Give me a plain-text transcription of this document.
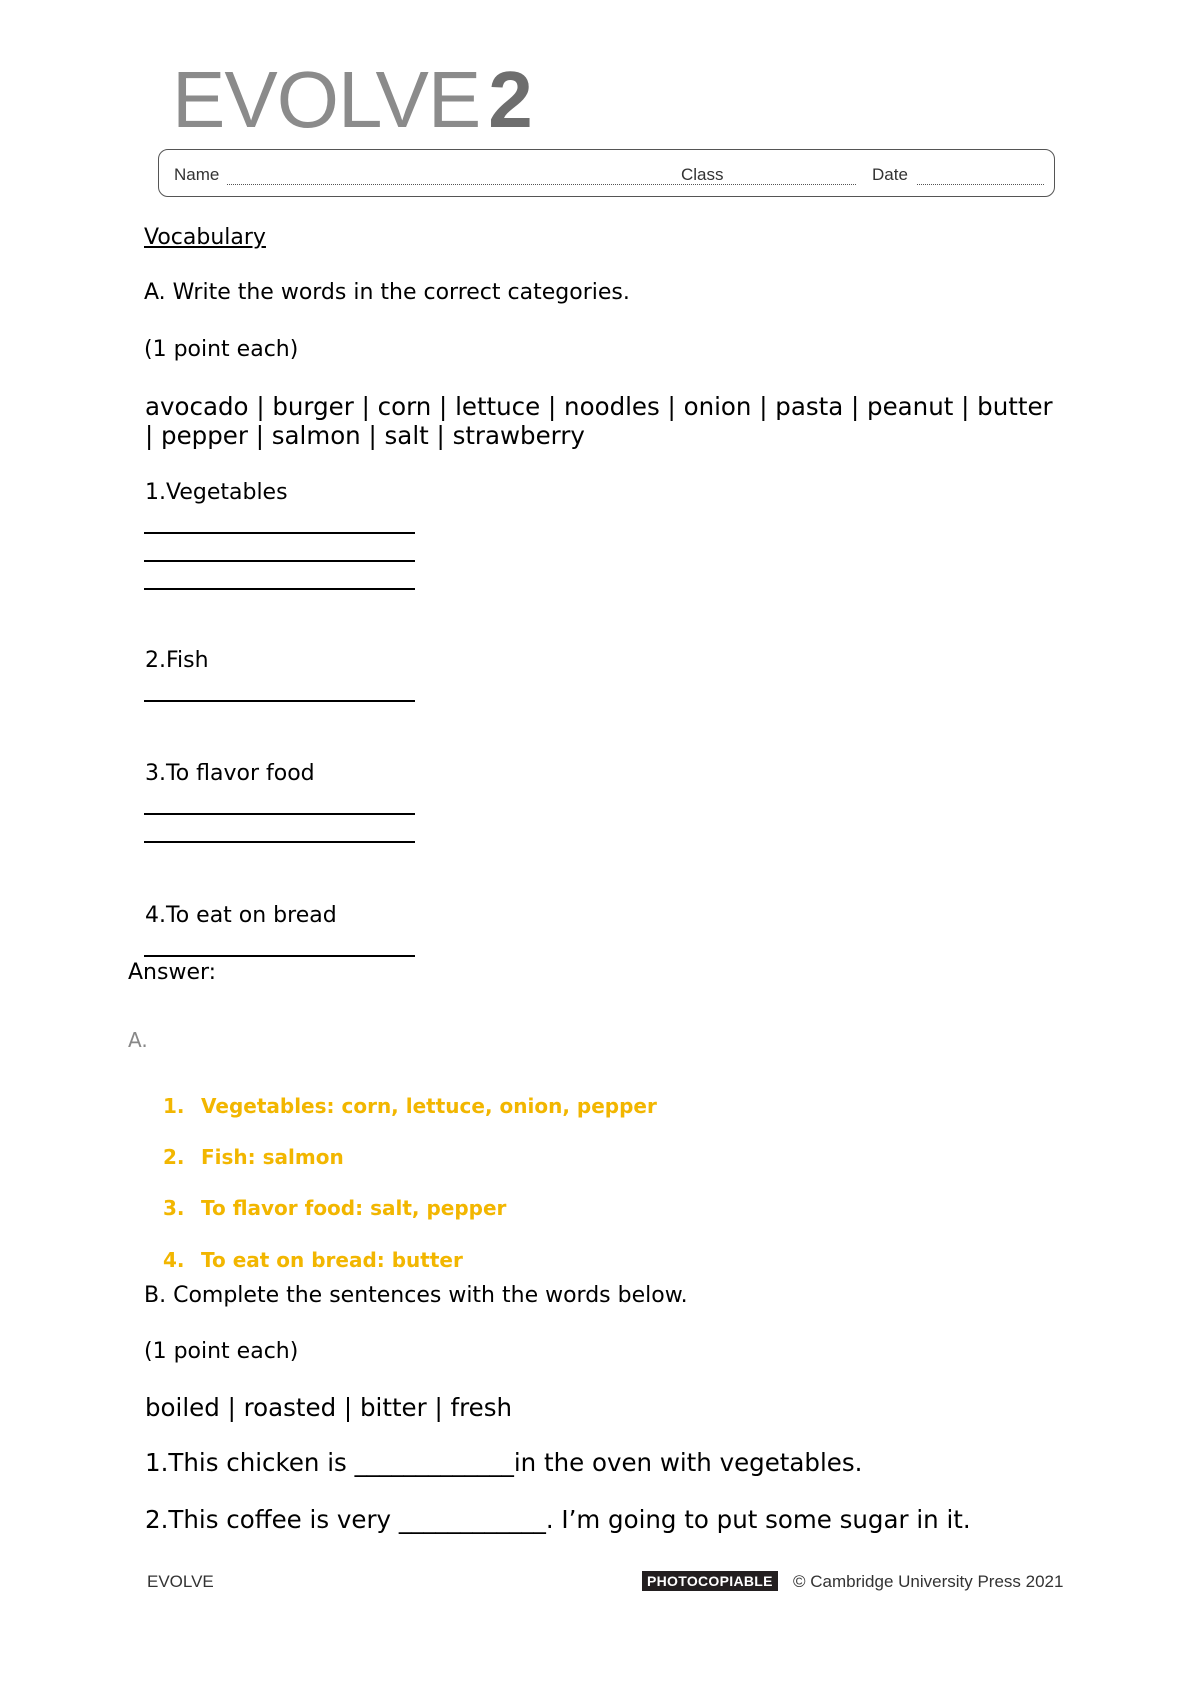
EVOLVE 2
Name	Class	Date
Vocabulary
A. Write the words in the correct categories.
(1 point each)
avocado | burger | corn | lettuce | noodles | onion | pasta | peanut | butter
| pepper | salmon | salt | strawberry
1.Vegetables
2.Fish
3.To flavor food
4.To eat on bread
Answer:
A.
1. Vegetables: corn, lettuce, onion, pepper
2. Fish: salmon
3. To flavor food: salt, pepper
4. To eat on bread: butter
B. Complete the sentences with the words below.
(1 point each)
boiled | roasted | bitter | fresh
1.This chicken is _____________in the oven with vegetables.
2.This coffee is very ____________. I’m going to put some sugar in it.
EVOLVE	PHOTOCOPIABLE © Cambridge University Press 2021
